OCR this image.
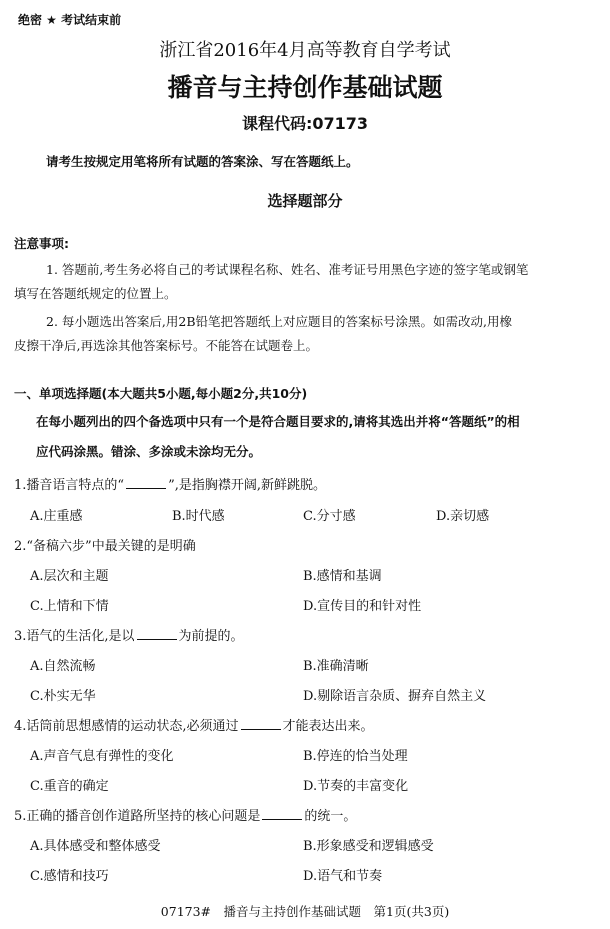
绝密 ★ 考试结束前
浙江省2016年4月高等教育自学考试
播音与主持创作基础试题
课程代码:07173
请考生按规定用笔将所有试题的答案涂、写在答题纸上。
选择题部分
注意事项:
1. 答题前,考生务必将自己的考试课程名称、姓名、准考证号用黑色字迹的签字笔或钢笔
填写在答题纸规定的位置上。
2. 每小题选出答案后,用2B铅笔把答题纸上对应题目的答案标号涂黑。如需改动,用橡
皮擦干净后,再选涂其他答案标号。不能答在试题卷上。
一、单项选择题(本大题共5小题,每小题2分,共10分)
在每小题列出的四个备选项中只有一个是符合题目要求的,请将其选出并将“答题纸”的相
应代码涂黑。错涂、多涂或未涂均无分。
1.播音语言特点的“	”,是指胸襟开阔,新鲜跳脱。
A.庄重感	B.时代感	C.分寸感	D.亲切感
2.“备稿六步”中最关键的是明确
A.层次和主题	B.感情和基调
C.上情和下情	D.宣传目的和针对性
3.语气的生活化,是以	为前提的。
A.自然流畅	B.准确清晰
C.朴实无华	D.剔除语言杂质、摒弃自然主义
4.话筒前思想感情的运动状态,必须通过	才能表达出来。
A.声音气息有弹性的变化	B.停连的恰当处理
C.重音的确定	D.节奏的丰富变化
5.正确的播音创作道路所坚持的核心问题是	的统一。
A.具体感受和整体感受	B.形象感受和逻辑感受
C.感情和技巧	D.语气和节奏
07173#　播音与主持创作基础试题　第1页(共3页)
